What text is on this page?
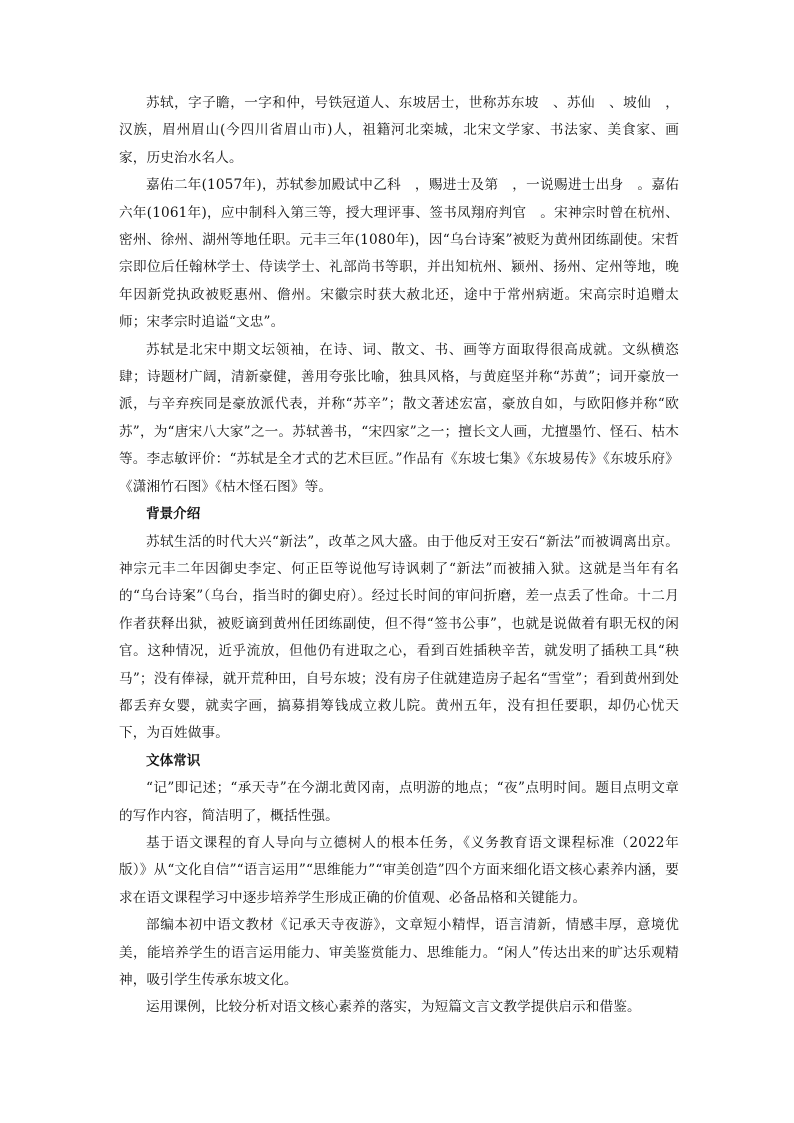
苏轼，字子瞻，一字和仲，号铁冠道人、东坡居士，世称苏东坡　、苏仙　、坡仙　，汉族，眉州眉山(今四川省眉山市)人，祖籍河北栾城，北宋文学家、书法家、美食家、画家，历史治水名人。

嘉佑二年(1057年)，苏轼参加殿试中乙科　，赐进士及第　，一说赐进士出身　。嘉佑六年(1061年)，应中制科入第三等，授大理评事、签书凤翔府判官　。宋神宗时曾在杭州、密州、徐州、湖州等地任职。元丰三年(1080年)，因“乌台诗案”被贬为黄州团练副使。宋哲宗即位后任翰林学士、侍读学士、礼部尚书等职，并出知杭州、颍州、扬州、定州等地，晚年因新党执政被贬惠州、儋州。宋徽宗时获大赦北还，途中于常州病逝。宋高宗时追赠太师；宋孝宗时追谥“文忠”。

苏轼是北宋中期文坛领袖，在诗、词、散文、书、画等方面取得很高成就。文纵横恣肆；诗题材广阔，清新豪健，善用夸张比喻，独具风格，与黄庭坚并称“苏黄”；词开豪放一派，与辛弃疾同是豪放派代表，并称“苏辛”；散文著述宏富，豪放自如，与欧阳修并称“欧苏”，为“唐宋八大家”之一。苏轼善书，“宋四家”之一；擅长文人画，尤擅墨竹、怪石、枯木等。李志敏评价：“苏轼是全才式的艺术巨匠。”作品有《东坡七集》《东坡易传》《东坡乐府》《潇湘竹石图》《枯木怪石图》等。

背景介绍

苏轼生活的时代大兴“新法”，改革之风大盛。由于他反对王安石“新法”而被调离出京。神宗元丰二年因御史李定、何正臣等说他写诗讽刺了“新法”而被捕入狱。这就是当年有名的“乌台诗案”（乌台，指当时的御史府）。经过长时间的审问折磨，差一点丢了性命。十二月作者获释出狱，被贬谪到黄州任团练副使，但不得“签书公事”，也就是说做着有职无权的闲官。这种情况，近乎流放，但他仍有进取之心，看到百姓插秧辛苦，就发明了插秧工具“秧马”；没有俸禄，就开荒种田，自号东坡；没有房子住就建造房子起名“雪堂”；看到黄州到处都丢弃女婴，就卖字画，搞募捐筹钱成立救儿院。黄州五年，没有担任要职，却仍心忧天下，为百姓做事。

文体常识

“记”即记述；“承天寺”在今湖北黄冈南，点明游的地点；“夜”点明时间。题目点明文章的写作内容，简洁明了，概括性强。

基于语文课程的育人导向与立德树人的根本任务，《义务教育语文课程标准（2022年版）》从“文化自信”“语言运用”“思维能力”“审美创造”四个方面来细化语文核心素养内涵，要求在语文课程学习中逐步培养学生形成正确的价值观、必备品格和关键能力。

部编本初中语文教材《记承天寺夜游》，文章短小精悍，语言清新，情感丰厚，意境优美，能培养学生的语言运用能力、审美鉴赏能力、思维能力。“闲人”传达出来的旷达乐观精神，吸引学生传承东坡文化。

运用课例，比较分析对语文核心素养的落实，为短篇文言文教学提供启示和借鉴。
